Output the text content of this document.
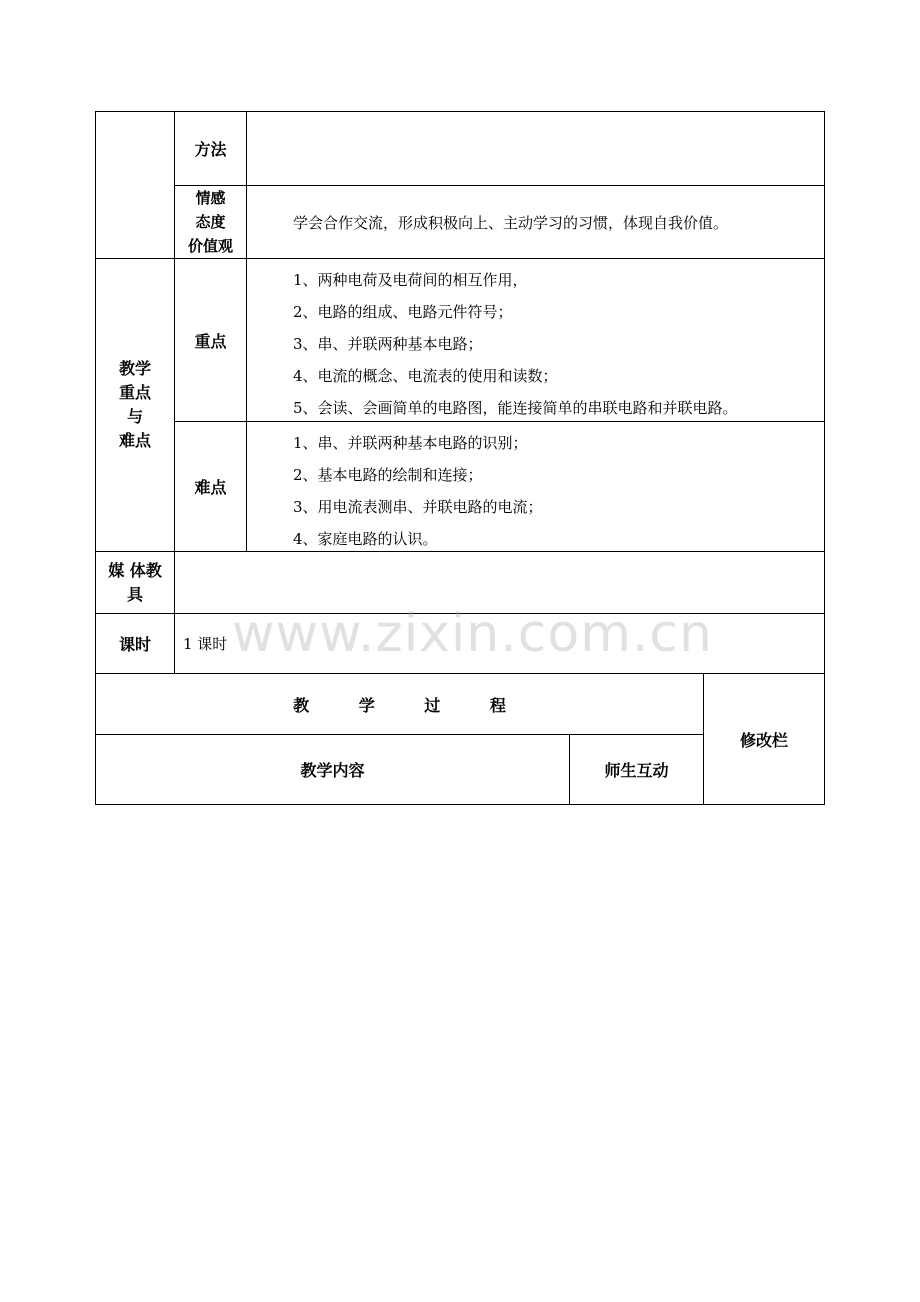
方法
情感
态度
价值观
学会合作交流，形成积极向上、主动学习的习惯，体现自我价值。
教学
重点
与
难点
重点
1、两种电荷及电荷间的相互作用，
2、电路的组成、电路元件符号；
3、串、并联两种基本电路；
4、电流的概念、电流表的使用和读数；
5、会读、会画简单的电路图，能连接简单的串联电路和并联电路。
难点
1、串、并联两种基本电路的识别；
2、基本电路的绘制和连接；
3、用电流表测串、并联电路的电流；
4、家庭电路的认识。
媒 体教
具
课时 1 课时
教 学 过 程
修改栏
教学内容	师生互动
www.zixin.com.cn
